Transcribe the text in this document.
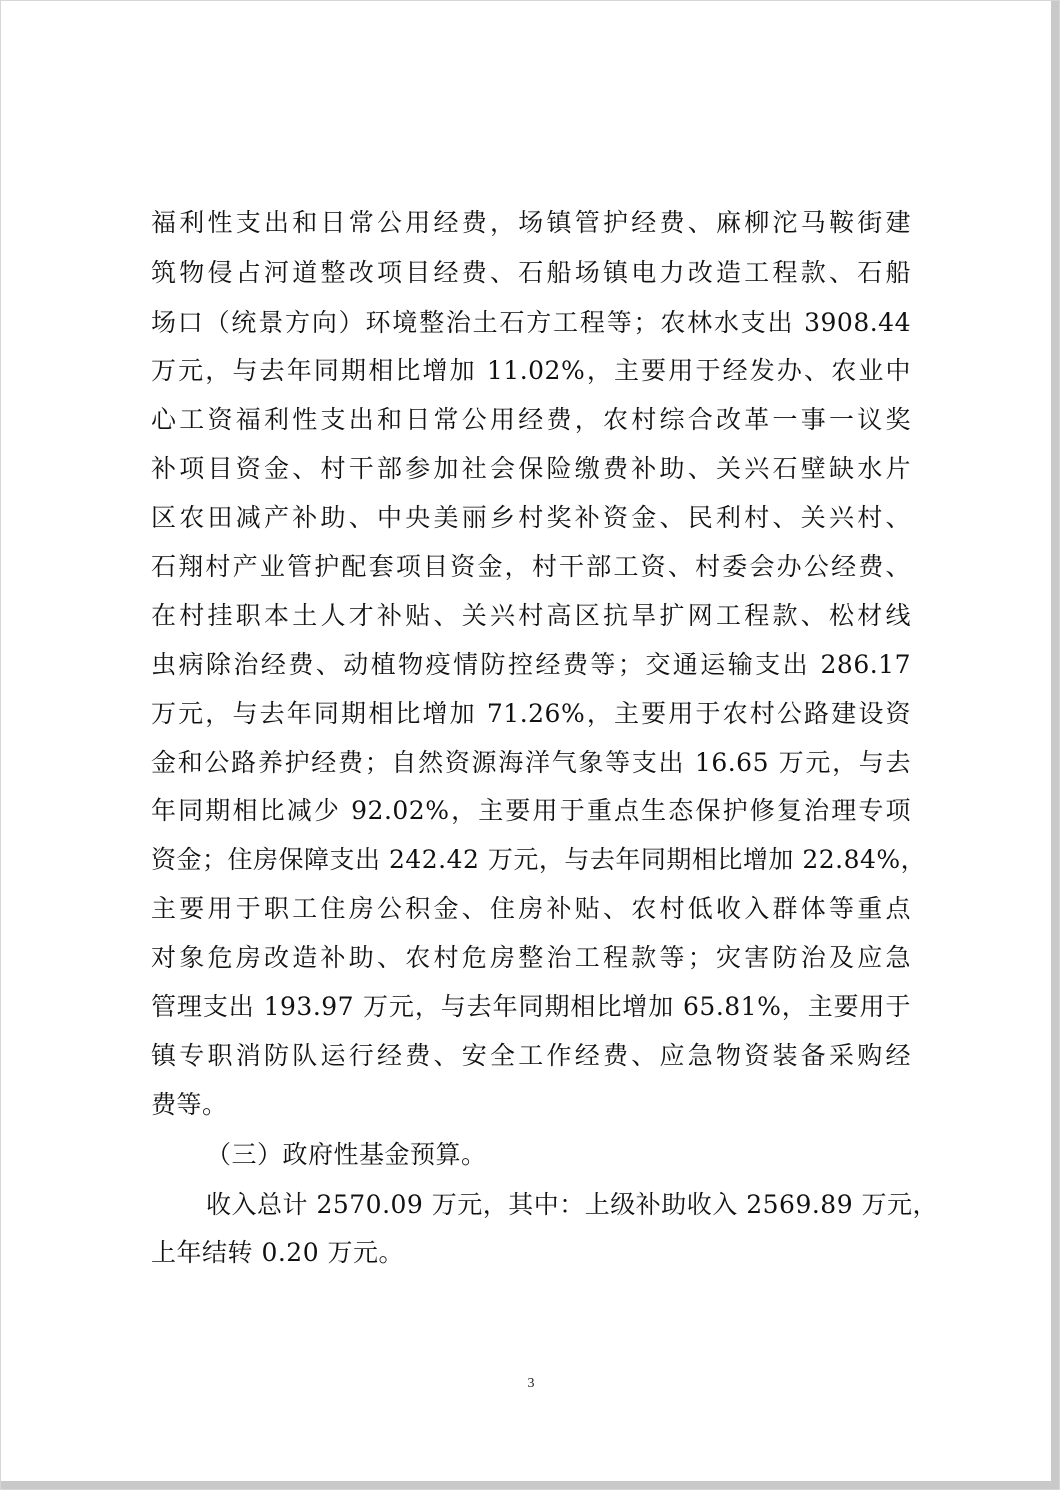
福利性支出和日常公用经费，场镇管护经费、麻柳沱马鞍街建
筑物侵占河道整改项目经费、石船场镇电力改造工程款、石船
场口（统景方向）环境整治土石方工程等；农林水支出 3908.44
万元，与去年同期相比增加 11.02%，主要用于经发办、农业中
心工资福利性支出和日常公用经费，农村综合改革一事一议奖
补项目资金、村干部参加社会保险缴费补助、关兴石壁缺水片
区农田减产补助、中央美丽乡村奖补资金、民利村、关兴村、
石翔村产业管护配套项目资金，村干部工资、村委会办公经费、
在村挂职本土人才补贴、关兴村高区抗旱扩网工程款、松材线
虫病除治经费、动植物疫情防控经费等；交通运输支出 286.17
万元，与去年同期相比增加 71.26%，主要用于农村公路建设资
金和公路养护经费；自然资源海洋气象等支出 16.65 万元，与去
年同期相比减少 92.02%，主要用于重点生态保护修复治理专项
资金；住房保障支出 242.42 万元，与去年同期相比增加 22.84%，
主要用于职工住房公积金、住房补贴、农村低收入群体等重点
对象危房改造补助、农村危房整治工程款等；灾害防治及应急
管理支出 193.97 万元，与去年同期相比增加 65.81%，主要用于
镇专职消防队运行经费、安全工作经费、应急物资装备采购经
费等。
（三）政府性基金预算。
收入总计 2570.09 万元，其中：上级补助收入 2569.89 万元，
上年结转 0.20 万元。
3
